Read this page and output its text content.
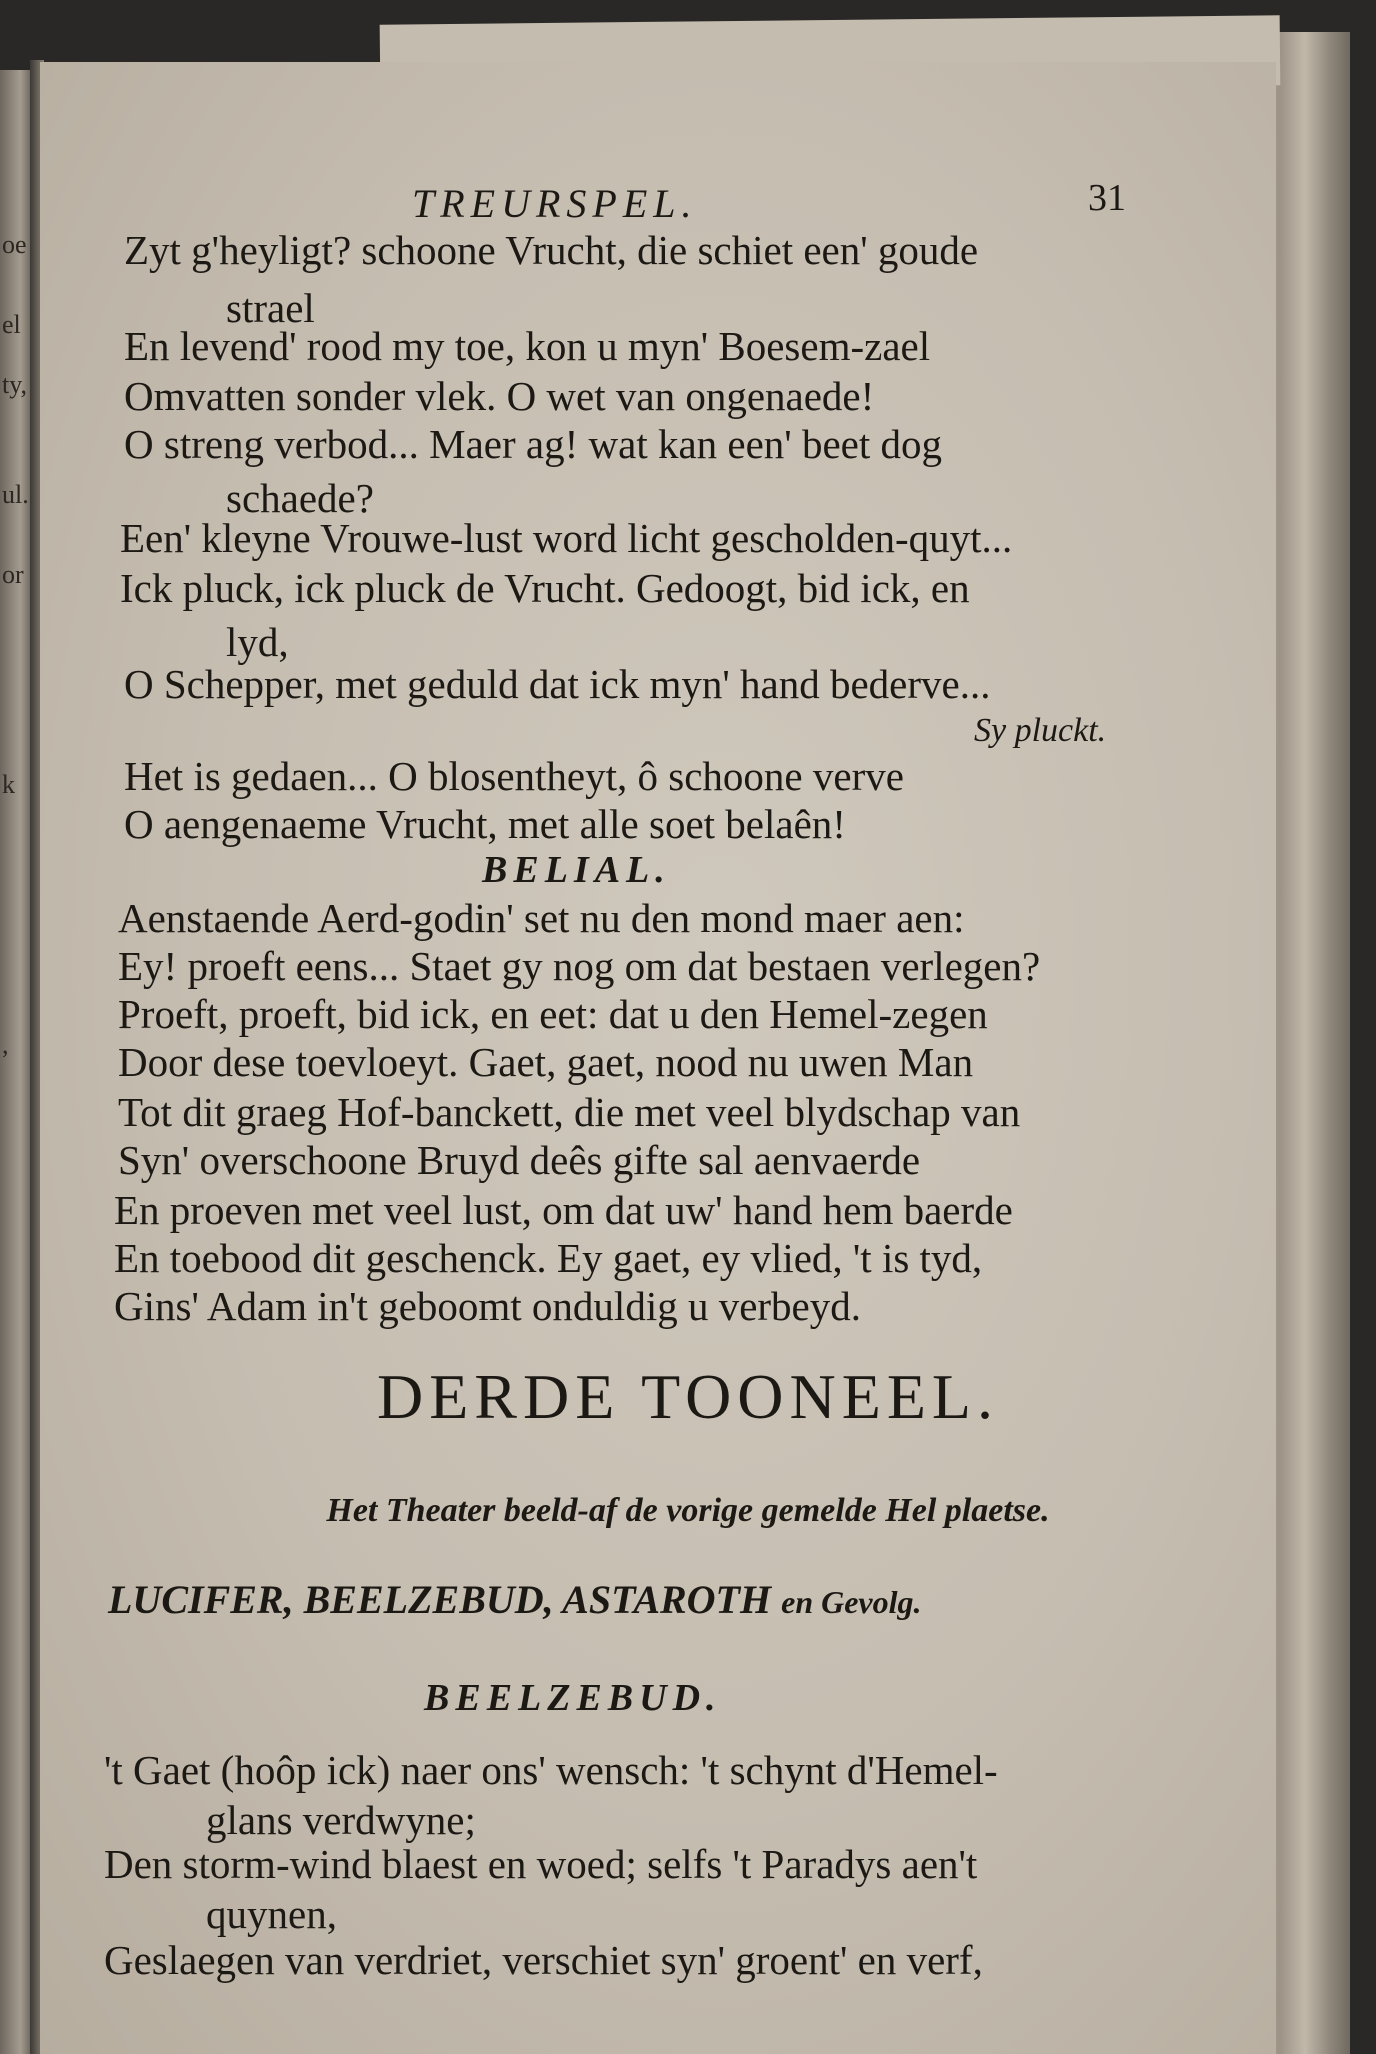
oe
el
ty,
ul.
or
k
,
TREURSPEL.	31
Zyt g'heyligt? schoone Vrucht, die schiet een' goude
strael
En levend' rood my toe, kon u myn' Boesem-zael
Omvatten sonder vlek. O wet van ongenaede!
O streng verbod... Maer ag! wat kan een' beet dog
schaede?
Een' kleyne Vrouwe-lust word licht gescholden-quyt...
Ick pluck, ick pluck de Vrucht. Gedoogt, bid ick, en
lyd,
O Schepper, met geduld dat ick myn' hand bederve...
Sy pluckt.
Het is gedaen... O blosentheyt, ô schoone verve
O aengenaeme Vrucht, met alle soet belaên!
BELIAL.
Aenstaende Aerd-godin' set nu den mond maer aen:
Ey! proeft eens... Staet gy nog om dat bestaen verlegen?
Proeft, proeft, bid ick, en eet: dat u den Hemel-zegen
Door dese toevloeyt. Gaet, gaet, nood nu uwen Man
Tot dit graeg Hof-banckett, die met veel blydschap van
Syn' overschoone Bruyd deês gifte sal aenvaerde
En proeven met veel lust, om dat uw' hand hem baerde
En toebood dit geschenck. Ey gaet, ey vlied, 't is tyd,
Gins' Adam in't geboomt onduldig u verbeyd.
DERDE TOONEEL.
Het Theater beeld-af de vorige gemelde Hel plaetse.
LUCIFER, BEELZEBUD, ASTAROTH en Gevolg.
BEELZEBUD.
't Gaet (hoôp ick) naer ons' wensch: 't schynt d'Hemel-
glans verdwyne;
Den storm-wind blaest en woed; selfs 't Paradys aen't
quynen,
Geslaegen van verdriet, verschiet syn' groent' en verf,
